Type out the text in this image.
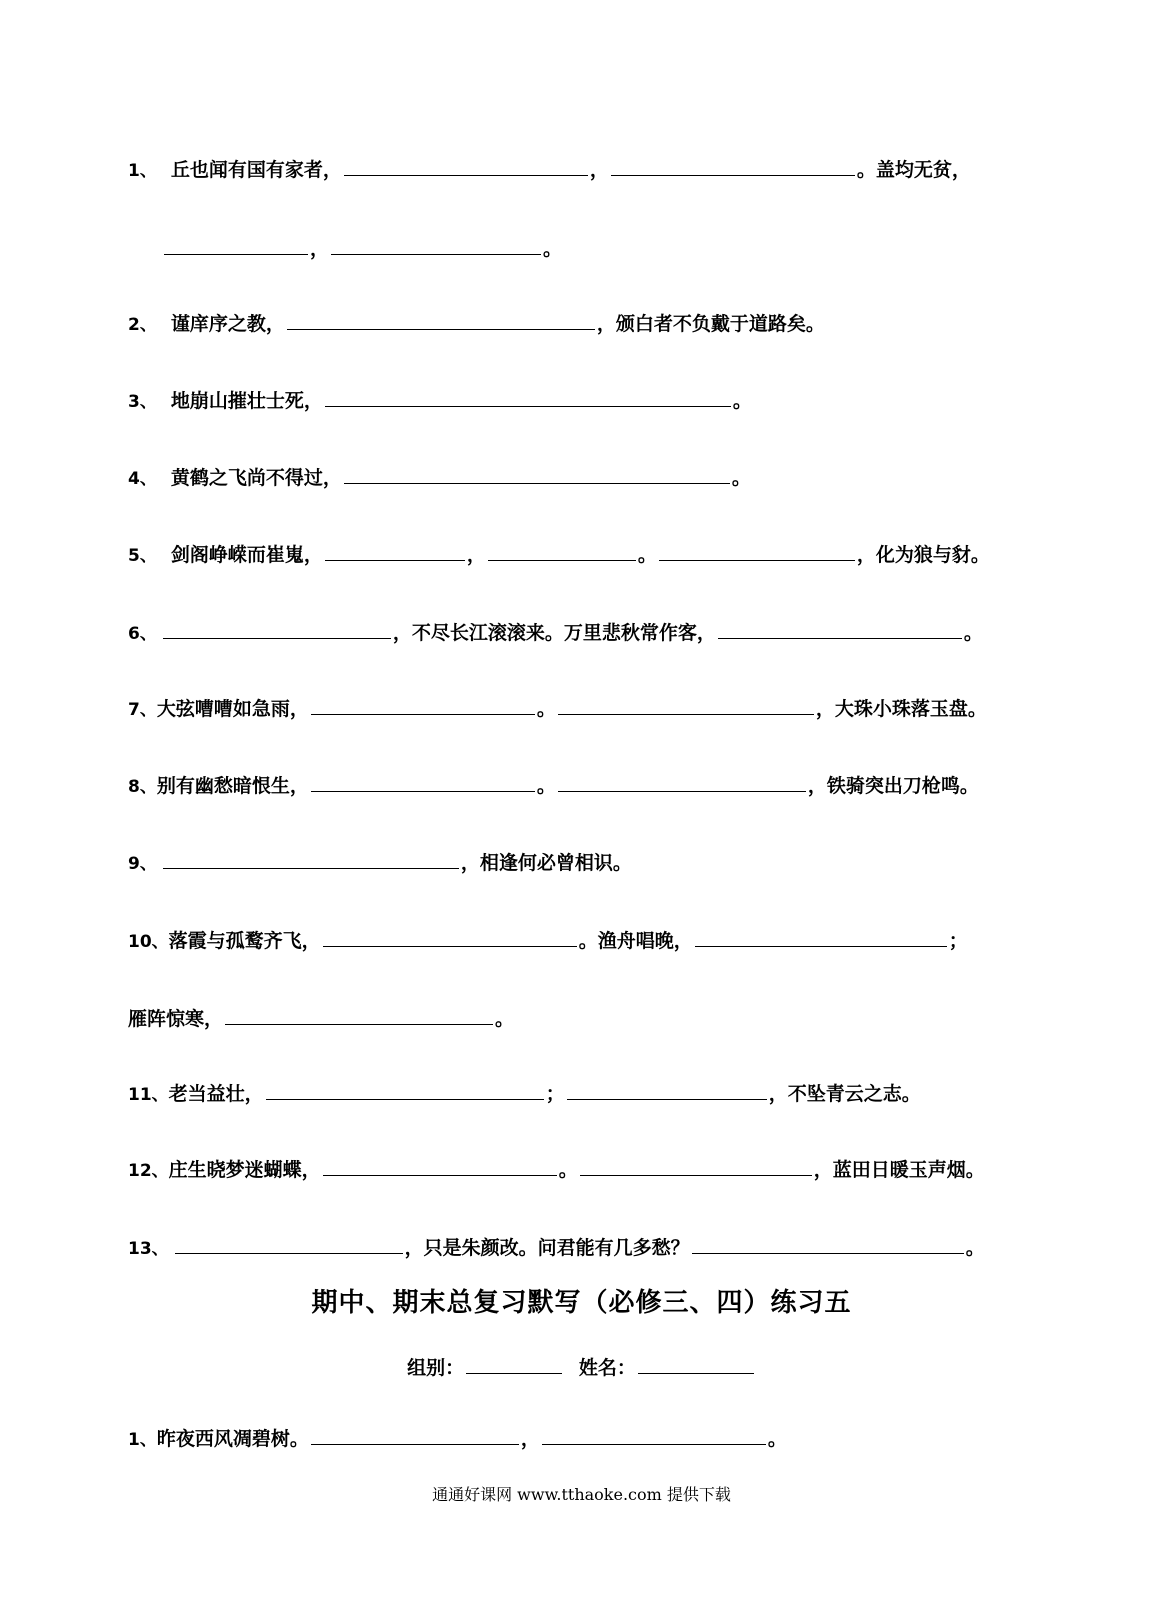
1、 丘也闻有国有家者，	，	。盖均无贫，
，	。
2、 谨庠序之教，	，颁白者不负戴于道路矣。
3、 地崩山摧壮士死，	。
4、 黄鹤之飞尚不得过，	。
5、 剑阁峥嵘而崔嵬，	，	。	，化为狼与豺。
6、	，不尽长江滚滚来。万里悲秋常作客，	。
7、大弦嘈嘈如急雨，	。	，大珠小珠落玉盘。
8、别有幽愁暗恨生，	。	，铁骑突出刀枪鸣。
9、	，相逢何必曾相识。
10、落霞与孤鹜齐飞，	。渔舟唱晚，	；
雁阵惊寒，	。
11、老当益壮，	；	，不坠青云之志。
12、庄生晓梦迷蝴蝶，	。	，蓝田日暖玉声烟。
13、	，只是朱颜改。问君能有几多愁？	。
期中、期末总复习默写（必修三、四）练习五
组别：	姓名：
1、昨夜西风凋碧树。	，	。
通通好课网 www.tthaoke.com 提供下载
